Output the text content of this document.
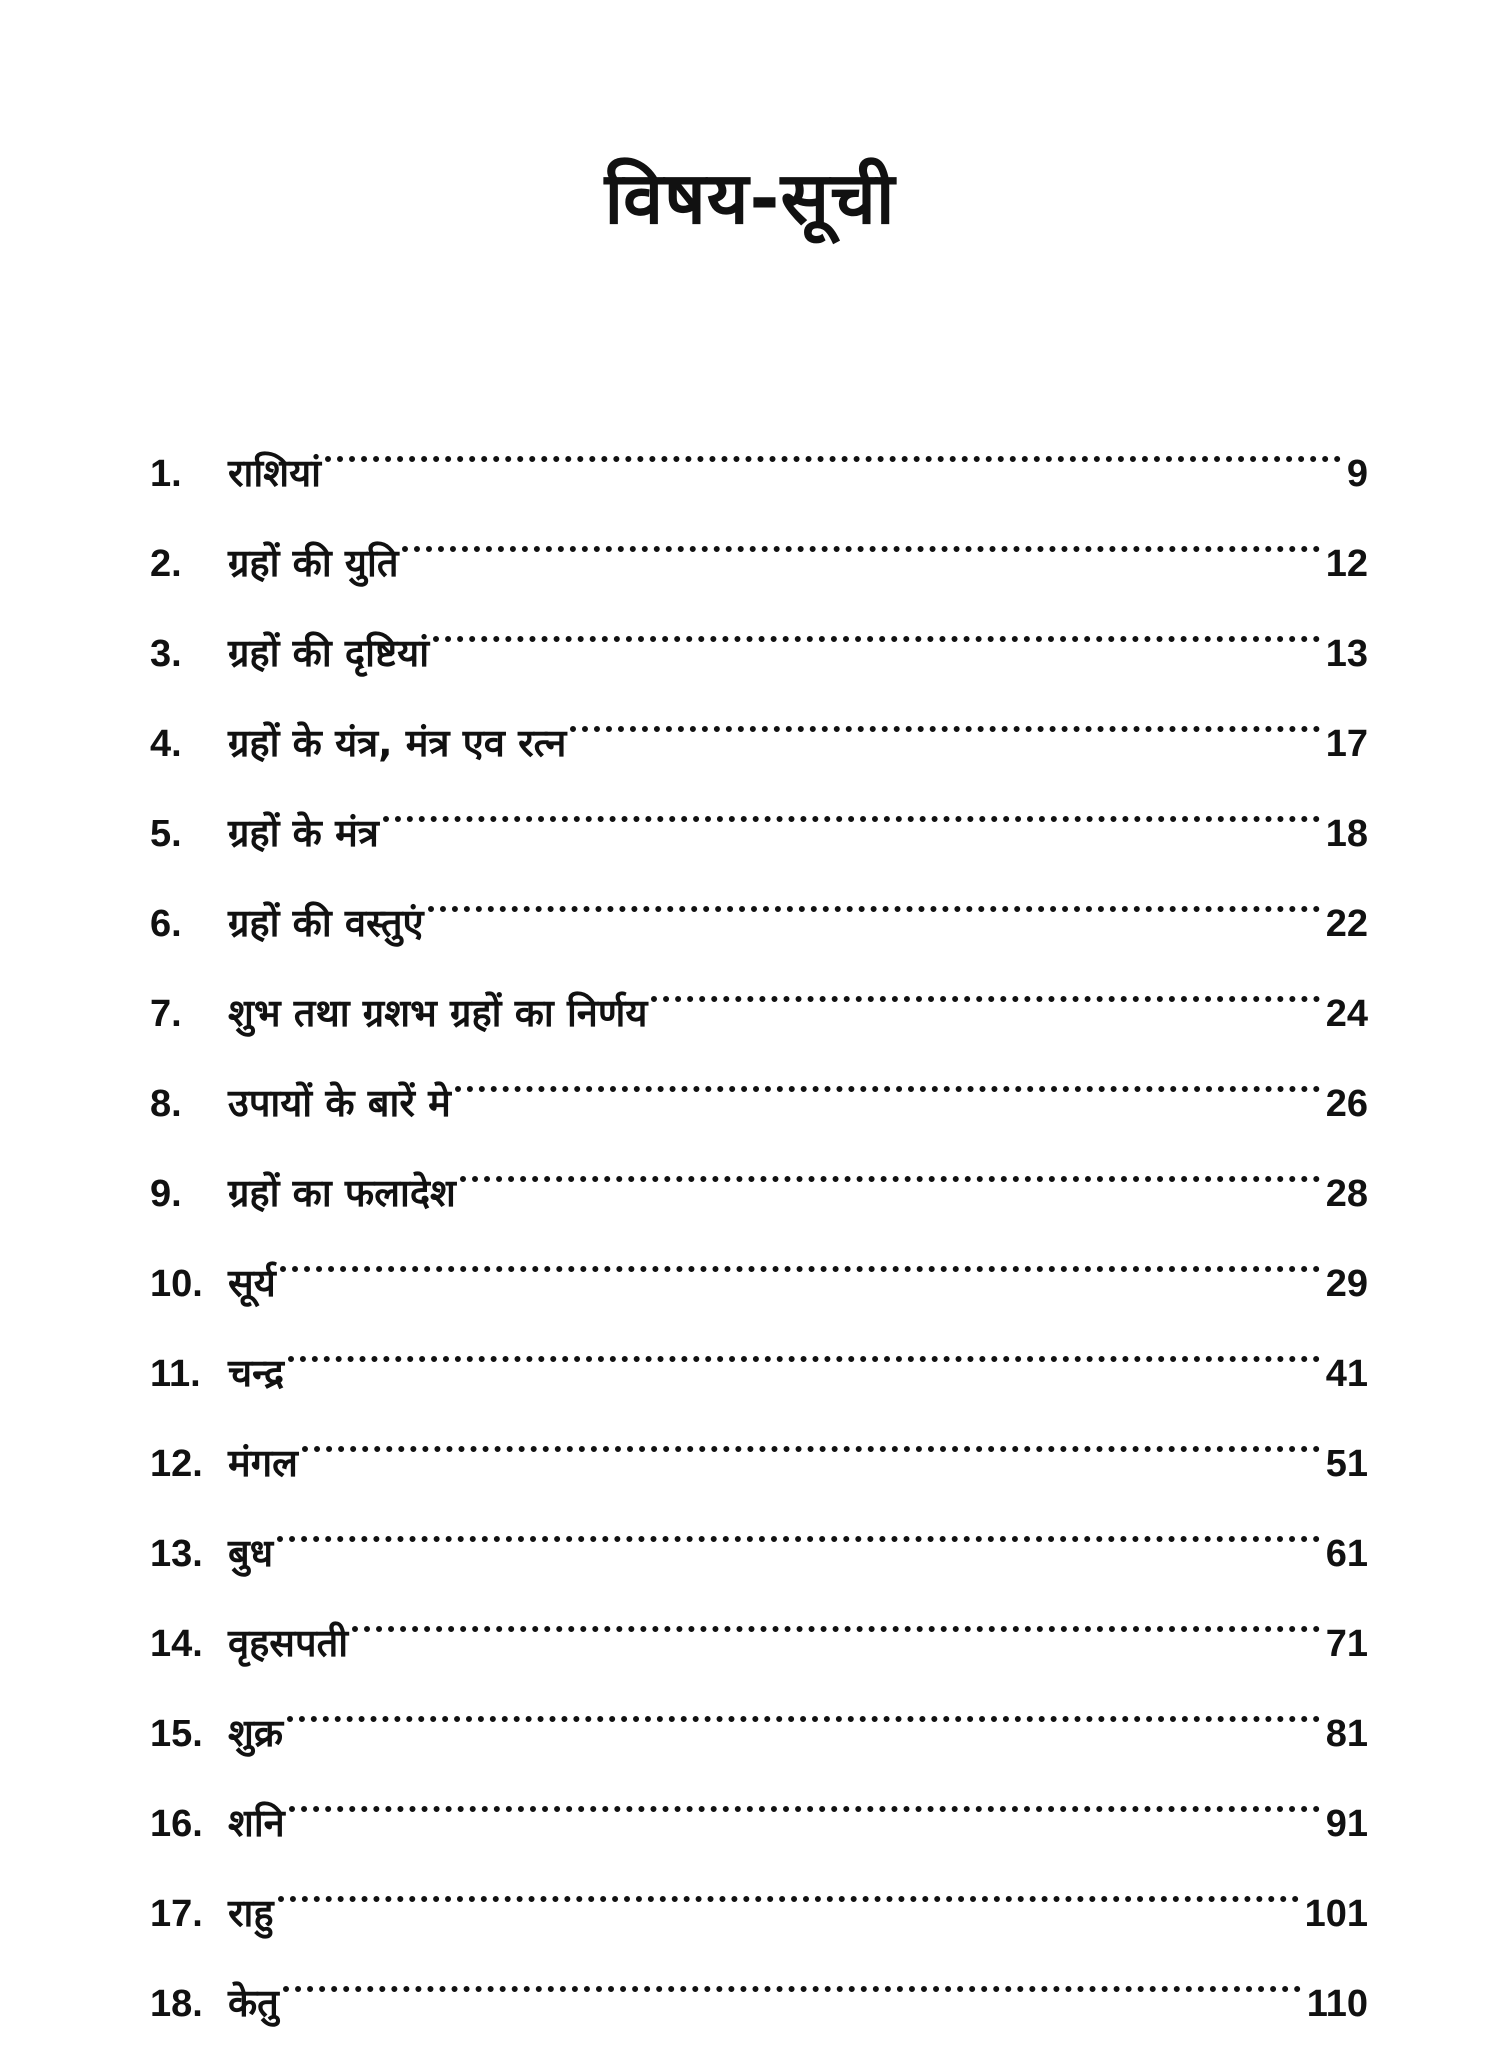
विषय-सूची
1.	राशियां	9
2.	ग्रहों की युति	12
3.	ग्रहों की दृष्टियां	13
4.	ग्रहों के यंत्र, मंत्र एव रत्न	17
5.	ग्रहों के मंत्र	18
6.	ग्रहों की वस्तुएं	22
7.	शुभ तथा ग्रशभ ग्रहों का निर्णय	24
8.	उपायों के बारें मे	26
9.	ग्रहों का फलादेश	28
10. सूर्य	29
11. चन्द्र	41
12. मंगल	51
13. बुध	61
14. वृहसपती	71
15. शुक्र	81
16. शनि	91
17. राहु	101
18. केतु	110
